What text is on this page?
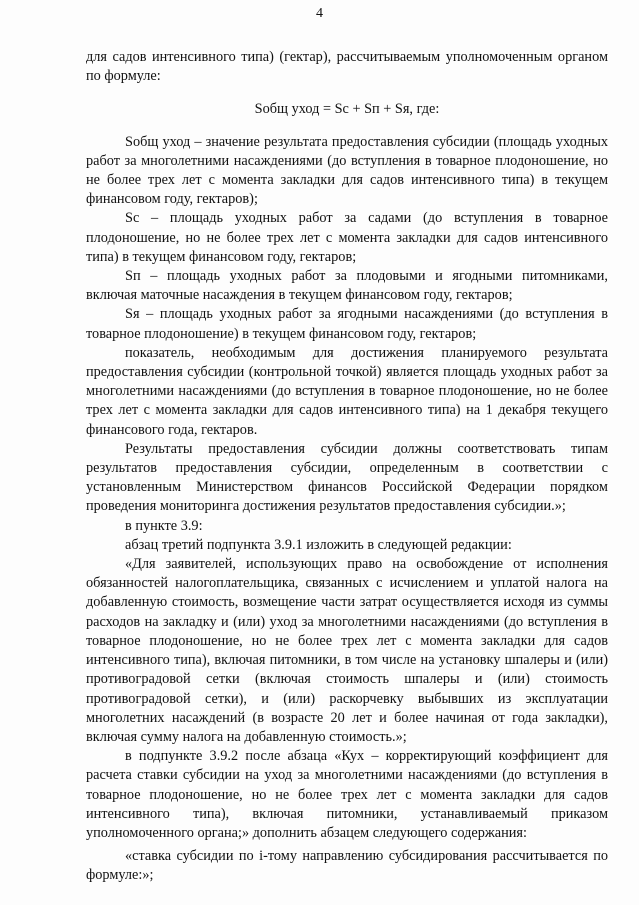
4

для садов интенсивного типа) (гектар), рассчитываемым уполномоченным органом по формуле:

Sобщ уход = Sс + Sп + Sя, где:

Sобщ уход – значение результата предоставления субсидии (площадь уходных работ за многолетними насаждениями (до вступления в товарное плодоношение, но не более трех лет с момента закладки для садов интенсивного типа) в текущем финансовом году, гектаров);

Sс – площадь уходных работ за садами (до вступления в товарное плодоношение, но не более трех лет с момента закладки для садов интенсивного типа) в текущем финансовом году, гектаров;

Sп – площадь уходных работ за плодовыми и ягодными питомниками, включая маточные насаждения в текущем финансовом году, гектаров;

Sя – площадь уходных работ за ягодными насаждениями (до вступления в товарное плодоношение) в текущем финансовом году, гектаров;

показатель, необходимым для достижения планируемого результата предоставления субсидии (контрольной точкой) является площадь уходных работ за многолетними насаждениями (до вступления в товарное плодоношение, но не более трех лет с момента закладки для садов интенсивного типа) на 1 декабря текущего финансового года, гектаров.

Результаты предоставления субсидии должны соответствовать типам результатов предоставления субсидии, определенным в соответствии с установленным Министерством финансов Российской Федерации порядком проведения мониторинга достижения результатов предоставления субсидии.»;

в пункте 3.9:

абзац третий подпункта 3.9.1 изложить в следующей редакции:

«Для заявителей, использующих право на освобождение от исполнения обязанностей налогоплательщика, связанных с исчислением и уплатой налога на добавленную стоимость, возмещение части затрат осуществляется исходя из суммы расходов на закладку и (или) уход за многолетними насаждениями (до вступления в товарное плодоношение, но не более трех лет с момента закладки для садов интенсивного типа), включая питомники, в том числе на установку шпалеры и (или) противоградовой сетки (включая стоимость шпалеры и (или) стоимость противоградовой сетки), и (или) раскорчевку выбывших из эксплуатации многолетних насаждений (в возрасте 20 лет и более начиная от года закладки), включая сумму налога на добавленную стоимость.»;

в подпункте 3.9.2 после абзаца «Кух – корректирующий коэффициент для расчета ставки субсидии на уход за многолетними насаждениями (до вступления в товарное плодоношение, но не более трех лет с момента закладки для садов интенсивного типа), включая питомники, устанавливаемый приказом уполномоченного органа;» дополнить абзацем следующего содержания:

«ставка субсидии по i-тому направлению субсидирования рассчитывается по формуле:»;
